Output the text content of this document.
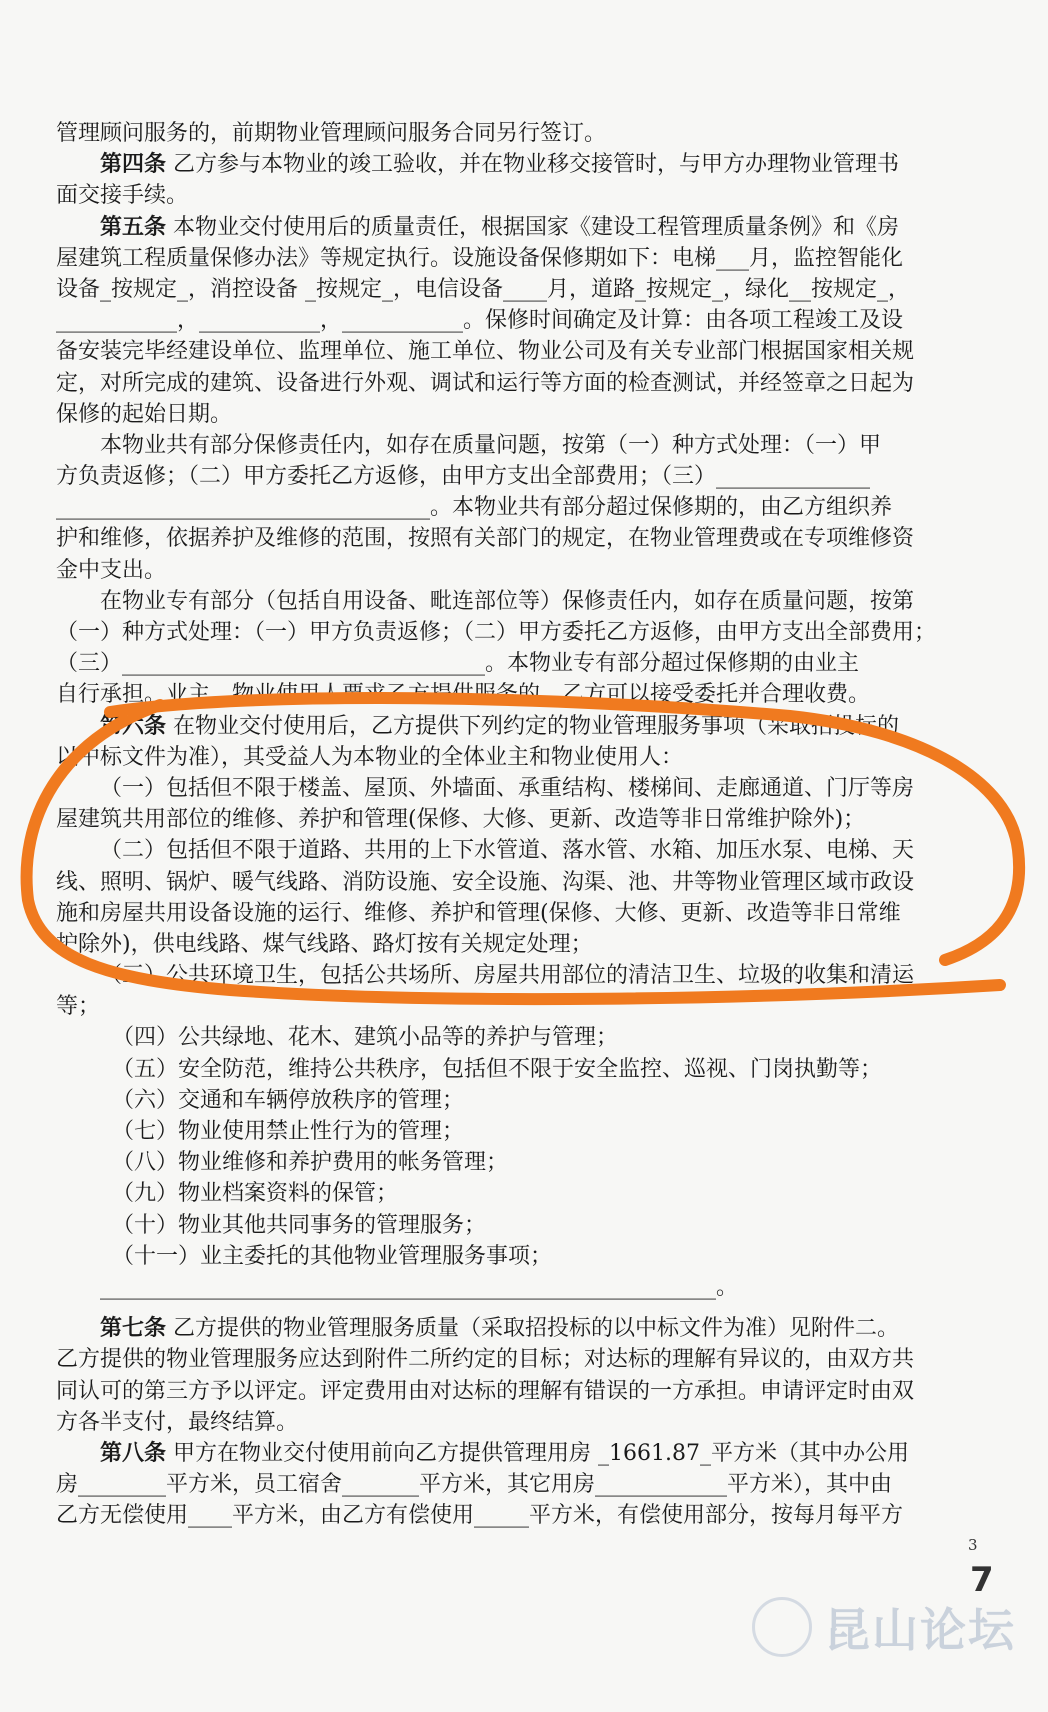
管理顾问服务的，前期物业管理顾问服务合同另行签订。
第四条 乙方参与本物业的竣工验收，并在物业移交接管时，与甲方办理物业管理书
面交接手续。
第五条 本物业交付使用后的质量责任，根据国家《建设工程管理质量条例》和《房
屋建筑工程质量保修办法》等规定执行。设施设备保修期如下：电梯___月，监控智能化
设备_按规定_，消控设备 _按规定_，电信设备____月，道路_按规定_，绿化__按规定_，
___________，___________，___________。保修时间确定及计算：由各项工程竣工及设
备安装完毕经建设单位、监理单位、施工单位、物业公司及有关专业部门根据国家相关规
定，对所完成的建筑、设备进行外观、调试和运行等方面的检查测试，并经签章之日起为
保修的起始日期。
本物业共有部分保修责任内，如存在质量问题，按第（一）种方式处理：（一）甲
方负责返修；（二）甲方委托乙方返修，由甲方支出全部费用；（三）______________
__________________________________。本物业共有部分超过保修期的，由乙方组织养
护和维修，依据养护及维修的范围，按照有关部门的规定，在物业管理费或在专项维修资
金中支出。
在物业专有部分（包括自用设备、毗连部位等）保修责任内，如存在质量问题，按第
（一）种方式处理：（一）甲方负责返修；（二）甲方委托乙方返修，由甲方支出全部费用；
（三）_________________________________。本物业专有部分超过保修期的由业主
自行承担。业主、物业使用人要求乙方提供服务的，乙方可以接受委托并合理收费。
第六条 在物业交付使用后，乙方提供下列约定的物业管理服务事项（采取招投标的
以中标文件为准），其受益人为本物业的全体业主和物业使用人：
（一）包括但不限于楼盖、屋顶、外墙面、承重结构、楼梯间、走廊通道、门厅等房
屋建筑共用部位的维修、养护和管理(保修、大修、更新、改造等非日常维护除外)；
（二）包括但不限于道路、共用的上下水管道、落水管、水箱、加压水泵、电梯、天
线、照明、锅炉、暖气线路、消防设施、安全设施、沟渠、池、井等物业管理区域市政设
施和房屋共用设备设施的运行、维修、养护和管理(保修、大修、更新、改造等非日常维
护除外)，供电线路、煤气线路、路灯按有关规定处理；
（三）公共环境卫生，包括公共场所、房屋共用部位的清洁卫生、垃圾的收集和清运
等；
（四）公共绿地、花木、建筑小品等的养护与管理；
（五）安全防范，维持公共秩序，包括但不限于安全监控、巡视、门岗执勤等；
（六）交通和车辆停放秩序的管理；
（七）物业使用禁止性行为的管理；
（八）物业维修和养护费用的帐务管理；
（九）物业档案资料的保管；
（十）物业其他共同事务的管理服务；
（十一）业主委托的其他物业管理服务事项；
________________________________________________________。
第七条 乙方提供的物业管理服务质量（采取招投标的以中标文件为准）见附件二。
乙方提供的物业管理服务应达到附件二所约定的目标；对达标的理解有异议的，由双方共
同认可的第三方予以评定。评定费用由对达标的理解有错误的一方承担。申请评定时由双
方各半支付，最终结算。
第八条 甲方在物业交付使用前向乙方提供管理用房 _1661.87_平方米（其中办公用
房________平方米，员工宿舍_______平方米，其它用房____________平方米），其中由
乙方无偿使用____平方米，由乙方有偿使用_____平方米，有偿使用部分，按每月每平方
3
7
昆山论坛
